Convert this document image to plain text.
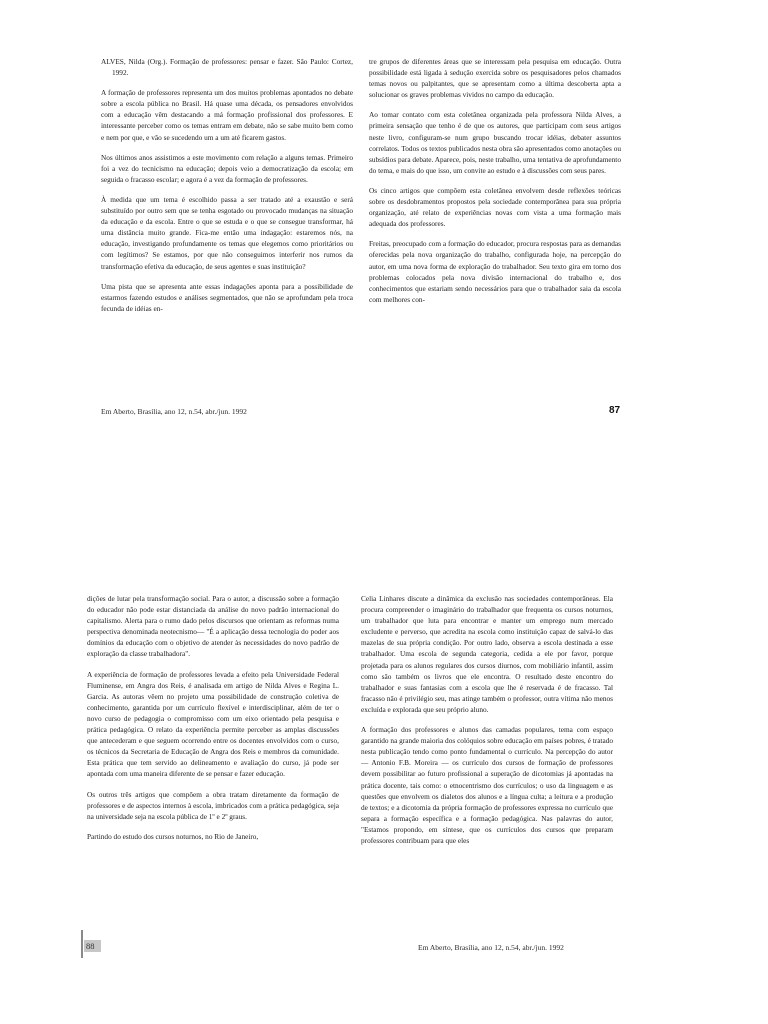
ALVES, Nilda (Org.). Formação de professores: pensar e fazer. São Paulo: Cortez, 1992.

A formação de professores representa um dos muitos problemas apontados no debate sobre a escola pública no Brasil. Há quase uma década, os pensadores envolvidos com a educação vêm destacando a má formação profissional dos professores. E interessante perceber como os temas entram em debate, não se sabe muito bem como e nem por que, e vão se sucedendo um a um até ficarem gastos.

Nos últimos anos assistimos a este movimento com relação a alguns temas. Primeiro foi a vez do tecnicismo na educação; depois veio a democratização da escola; em seguida o fracasso escolar; e agora é a vez da formação de professores.

À medida que um tema é escolhido passa a ser tratado até a exaustão e será substituído por outro sem que se tenha esgotado ou provocado mudanças na situação da educação e da escola. Entre o que se estuda e o que se consegue transformar, há uma distância muito grande. Fica-me então uma indagação: estaremos nós, na educação, investigando profundamente os temas que elegemos como prioritários ou com legítimos? Se estamos, por que não conseguimos interferir nos rumos da transformação efetiva da educação, de seus agentes e suas instituição?

Uma pista que se apresenta ante essas indagações aponta para a possibilidade de estarmos fazendo estudos e análises segmentados, que não se aprofundam pela troca fecunda de idéias en-

tre grupos de diferentes áreas que se interessam pela pesquisa em educação. Outra possibilidade está ligada à sedução exercida sobre os pesquisadores pelos chamados temas novos ou palpitantes, que se apresentam como a última descoberta apta a solucionar os graves problemas vividos no campo da educação.

Ao tomar contato com esta coletânea organizada pela professora Nilda Alves, a primeira sensação que tenho é de que os autores, que participam com seus artigos neste livro, configuram-se num grupo buscando trocar idéias, debater assuntos correlatos. Todos os textos publicados nesta obra são apresentados como anotações ou subsídios para debate. Aparece, pois, neste trabalho, uma tentativa de aprofundamento do tema, e mais do que isso, um convite ao estudo e à discussões com seus pares.

Os cinco artigos que compõem esta coletânea envolvem desde reflexões teóricas sobre os desdobramentos propostos pela sociedade contemporânea para sua própria organização, até relato de experiências novas com vista a uma formação mais adequada dos professores.

Freitas, preocupado com a formação do educador, procura respostas para as demandas oferecidas pela nova organização do trabalho, configurada hoje, na percepção do autor, em uma nova forma de exploração do trabalhador. Seu texto gira em torno dos problemas colocados pela nova divisão internacional do trabalho e, dos conhecimentos que estariam sendo necessários para que o trabalhador saia da escola com melhores con-

Em Aberto, Brasília, ano 12, n.54, abr./jun. 1992	87

dições de lutar pela transformação social. Para o autor, a discussão sobre a formação do educador não pode estar distanciada da análise do novo padrão internacional do capitalismo. Alerta para o rumo dado pelos discursos que orientam as reformas numa perspectiva denominada neotecnismo— "É a aplicação dessa tecnologia do poder aos domínios da educação com o objetivo de atender às necessidades do novo padrão de exploração da classe trabalhadora".

A experiência de formação de professores levada a efeito pela Universidade Federal Fluminense, em Angra dos Reis, é analisada em artigo de Nilda Alves e Regina L. Garcia. As autoras vêem no projeto uma possibilidade de construção coletiva de conhecimento, garantida por um currículo flexível e interdisciplinar, além de ter o novo curso de pedagogia o compromisso com um eixo orientado pela pesquisa e prática pedagógica. O relato da experiência permite perceber as amplas discussões que antecederam e que seguem ocorrendo entre os docentes envolvidos com o curso, os técnicos da Secretaria de Educação de Angra dos Reis e membros da comunidade. Esta prática que tem servido ao delineamento e avaliação do curso, já pode ser apontada com uma maneira diferente de se pensar e fazer educação.

Os outros três artigos que compõem a obra tratam diretamente da formação de professores e de aspectos internos à escola, imbricados com a prática pedagógica, seja na universidade seja na escola pública de 1º e 2º graus.

Partindo do estudo dos cursos noturnos, no Rio de Janeiro,

Celia Linhares discute a dinâmica da exclusão nas sociedades contemporâneas. Ela procura compreender o imaginário do trabalhador que frequenta os cursos noturnos, um trabalhador que luta para encontrar e manter um emprego num mercado excludente e perverso, que acredita na escola como instituição capaz de salvá-lo das mazelas de sua própria condição. Por outro lado, observa a escola destinada a esse trabalhador. Uma escola de segunda categoria, cedida a ele por favor, porque projetada para os alunos regulares dos cursos diurnos, com mobiliário infantil, assim como são também os livros que ele encontra. O resultado deste encontro do trabalhador e suas fantasias com a escola que lhe é reservada é de fracasso. Tal fracasso não é privilégio seu, mas atinge também o professor, outra vítima não menos excluída e explorada que seu próprio aluno.

A formação dos professores e alunos das camadas populares, tema com espaço garantido na grande maioria dos colóquios sobre educação em países pobres, é tratado nesta publicação tendo como ponto fundamental o currículo. Na percepção do autor — Antonio F.B. Moreira — os currículo dos cursos de formação de professores devem possibilitar ao futuro profissional a superação de dicotomias já apontadas na prática docente, tais como: o etnocentrismo dos currículos; o uso da linguagem e as questões que envolvem os dialetos dos alunos e a língua culta; a leitura e a produção de textos; e a dicotomia da própria formação de professores expressa no currículo que separa a formação específica e a formação pedagógica. Nas palavras do autor, "Estamos propondo, em síntese, que os currículos dos cursos que preparam professores contribuam para que eles

88	Em Aberto, Brasília, ano 12, n.54, abr./jun. 1992
